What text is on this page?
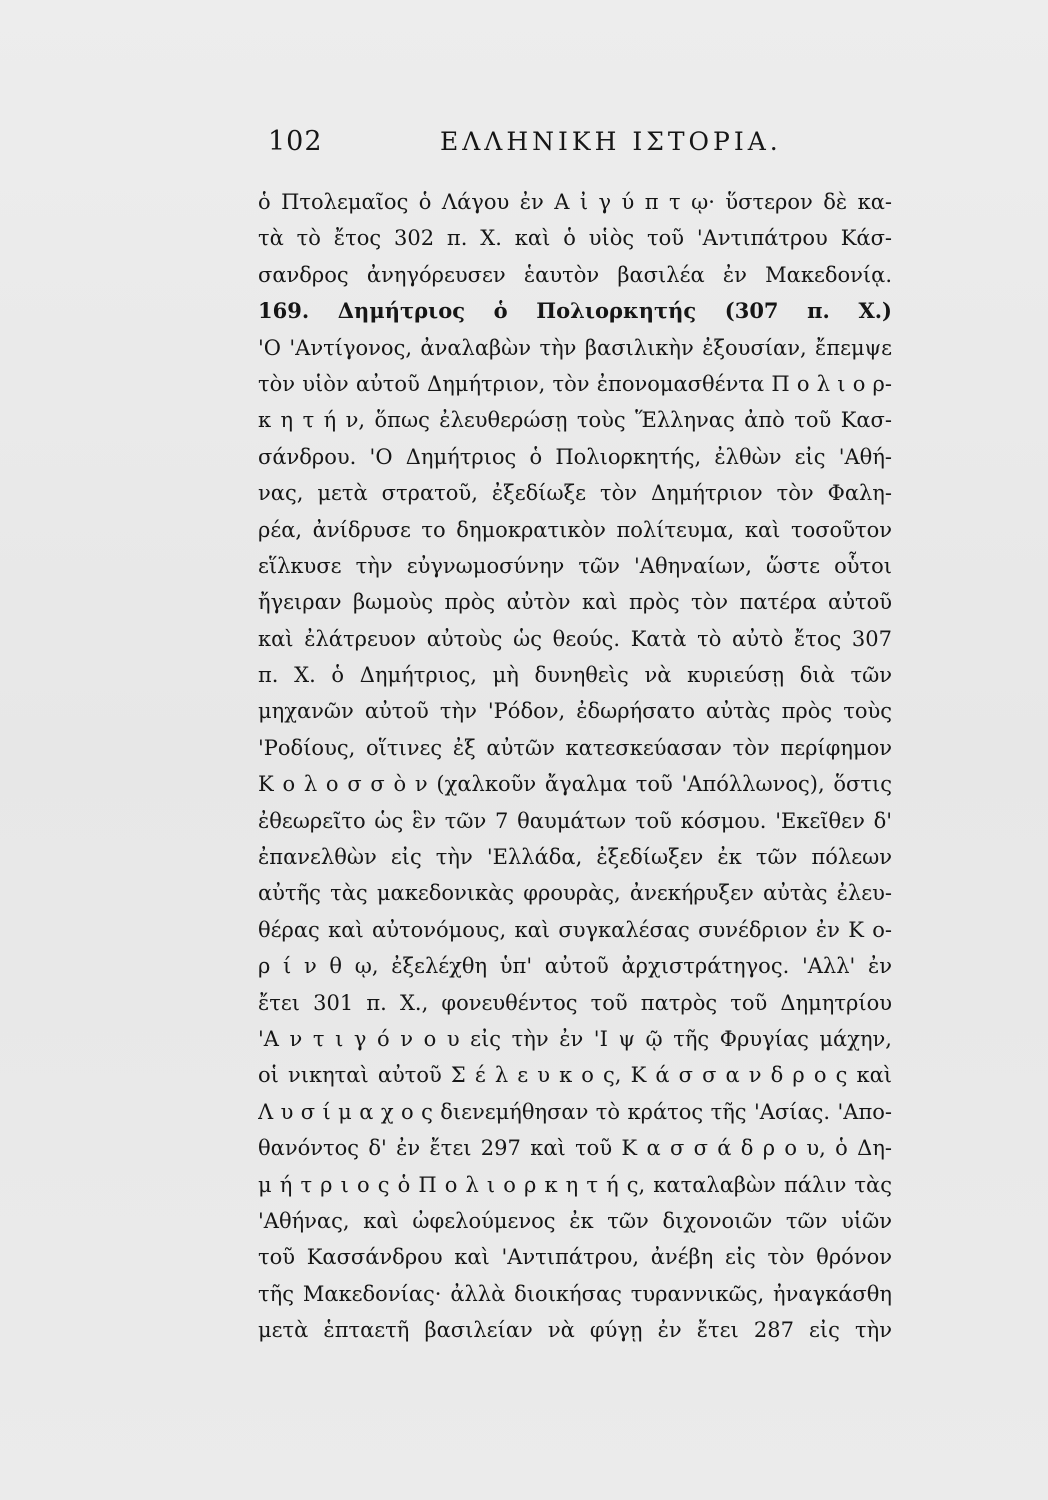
102	ΕΛΛΗΝΙΚΗ ΙΣΤΟΡΙΑ.
ὁ Πτολεμαῖος ὁ Λάγου ἐν Α ἰ γ ύ π τ ῳ· ὕστερον δὲ κα-
τὰ τὸ ἔτος 302 π. Χ. καὶ ὁ υἱὸς τοῦ 'Αντιπάτρου Κάσ-
σανδρος ἀνηγόρευσεν ἑαυτὸν βασιλέα ἐν Μακεδονίᾳ.
169. Δημήτριος ὁ Πολιορκητής (307 π. Χ.)
'Ο 'Αντίγονος, ἀναλαβὼν τὴν βασιλικὴν ἐξουσίαν, ἔπεμψε
τὸν υἱὸν αὐτοῦ Δημήτριον, τὸν ἐπονομασθέντα Π ο λ ι ο ρ-
κ η τ ή ν, ὅπως ἐλευθερώσῃ τοὺς Ἕλληνας ἀπὸ τοῦ Κασ-
σάνδρου. 'Ο Δημήτριος ὁ Πολιορκητής, ἐλθὼν εἰς 'Αθή-
νας, μετὰ στρατοῦ, ἐξεδίωξε τὸν Δημήτριον τὸν Φαλη-
ρέα, ἀνίδρυσε το δημοκρατικὸν πολίτευμα, καὶ τοσοῦτον
εἵλκυσε τὴν εὐγνωμοσύνην τῶν 'Αθηναίων, ὥστε οὗτοι
ἤγειραν βωμοὺς πρὸς αὐτὸν καὶ πρὸς τὸν πατέρα αὐτοῦ
καὶ ἐλάτρευον αὐτοὺς ὡς θεούς. Κατὰ τὸ αὐτὸ ἔτος 307
π. Χ. ὁ Δημήτριος, μὴ δυνηθεὶς νὰ κυριεύσῃ διὰ τῶν
μηχανῶν αὐτοῦ τὴν 'Ρόδον, ἐδωρήσατο αὐτὰς πρὸς τοὺς
'Ροδίους, οἵτινες ἐξ αὐτῶν κατεσκεύασαν τὸν περίφημον
Κ ο λ ο σ σ ὸ ν (χαλκοῦν ἄγαλμα τοῦ 'Απόλλωνος), ὅστις
ἐθεωρεῖτο ὡς ἓν τῶν 7 θαυμάτων τοῦ κόσμου. 'Εκεῖθεν δ'
ἐπανελθὼν εἰς τὴν 'Ελλάδα, ἐξεδίωξεν ἐκ τῶν πόλεων
αὐτῆς τὰς μακεδονικὰς φρουρὰς, ἀνεκήρυξεν αὐτὰς ἐλευ-
θέρας καὶ αὐτονόμους, καὶ συγκαλέσας συνέδριον ἐν Κ ο-
ρ ί ν θ ῳ, ἐξελέχθη ὑπ' αὐτοῦ ἀρχιστράτηγος. 'Αλλ' ἐν
ἔτει 301 π. Χ., φονευθέντος τοῦ πατρὸς τοῦ Δημητρίου
'Α ν τ ι γ ό ν ο υ εἰς τὴν ἐν 'Ι ψ ῷ τῆς Φρυγίας μάχην,
οἱ νικηταὶ αὐτοῦ Σ έ λ ε υ κ ο ς, Κ ά σ σ α ν δ ρ ο ς καὶ
Λ υ σ ί μ α χ ο ς διενεμήθησαν τὸ κράτος τῆς 'Ασίας. 'Απο-
θανόντος δ' ἐν ἔτει 297 καὶ τοῦ Κ α σ σ ά δ ρ ο υ, ὁ Δη-
μ ή τ ρ ι ο ς ὁ Π ο λ ι ο ρ κ η τ ή ς, καταλαβὼν πάλιν τὰς
'Αθήνας, καὶ ὠφελούμενος ἐκ τῶν διχονοιῶν τῶν υἱῶν
τοῦ Κασσάνδρου καὶ 'Αντιπάτρου, ἀνέβη εἰς τὸν θρόνον
τῆς Μακεδονίας· ἀλλὰ διοικήσας τυραννικῶς, ἠναγκάσθη
μετὰ ἑπταετῆ βασιλείαν νὰ φύγῃ ἐν ἔτει 287 εἰς τὴν
